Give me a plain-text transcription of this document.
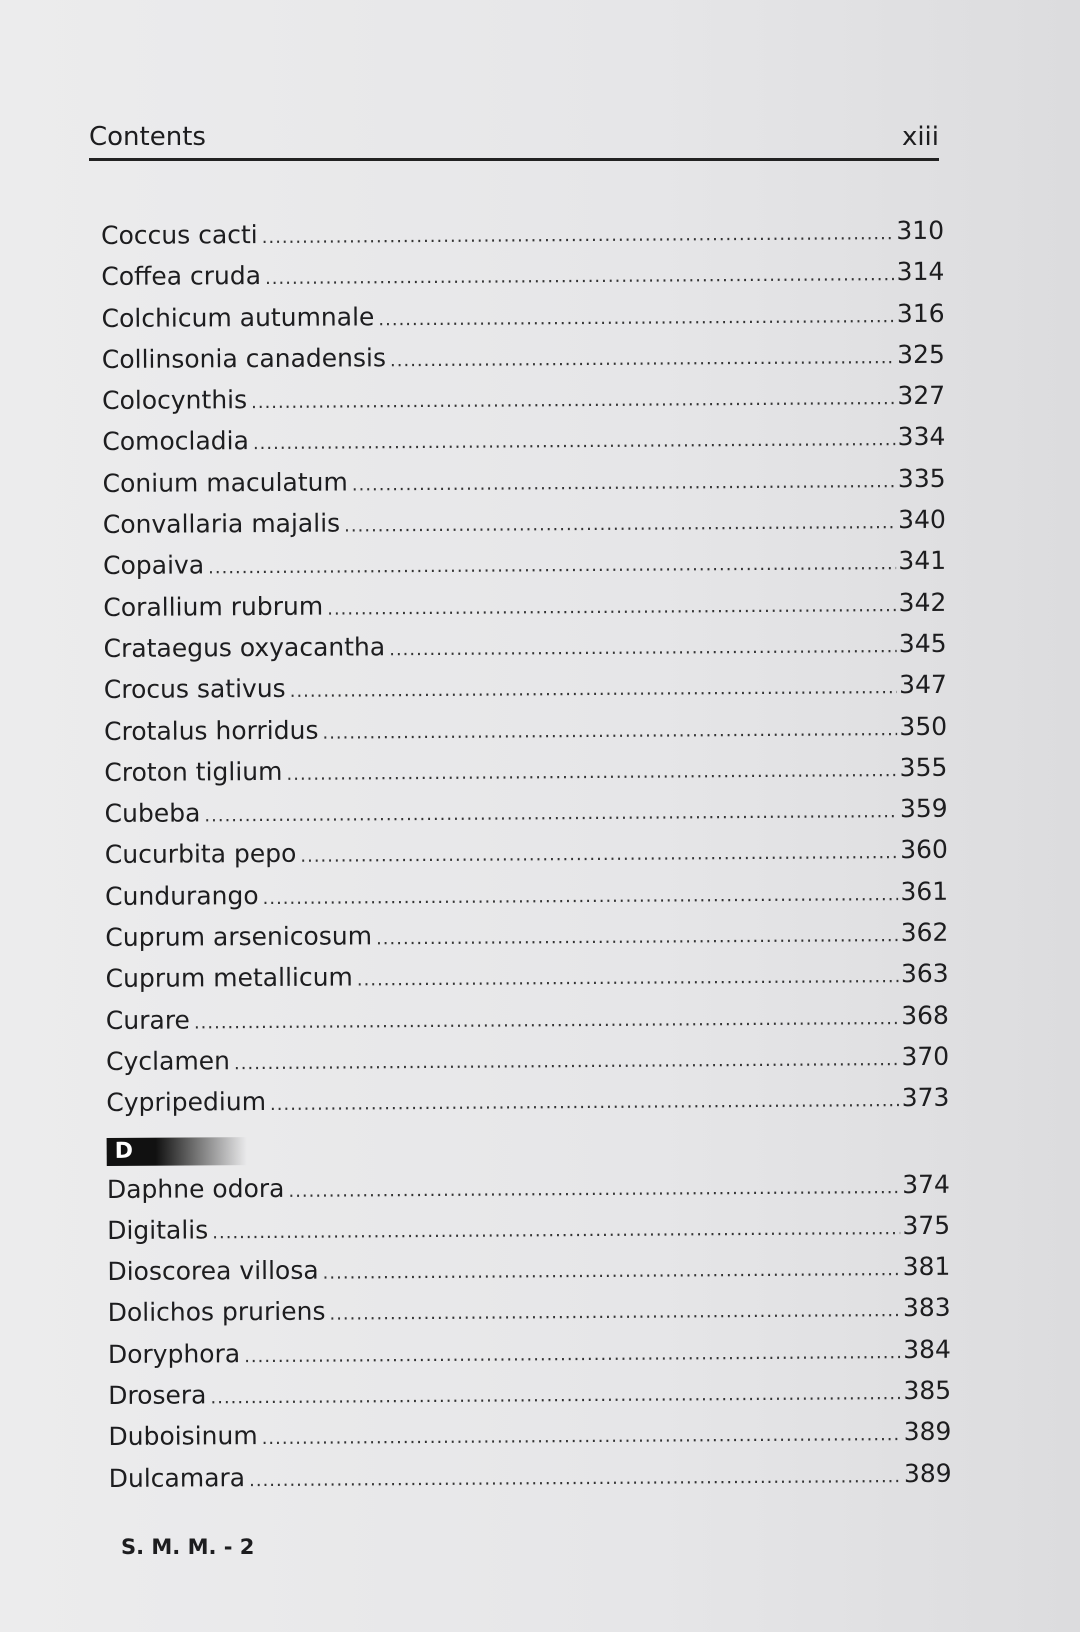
Contents	xiii
Coccus cacti .....	310
Coffea cruda .....	314
Colchicum autumnale .....	316
Collinsonia canadensis .....	325
Colocynthis .....	327
Comocladia .....	334
Conium maculatum .....	335
Convallaria majalis .....	340
Copaiva .....	341
Corallium rubrum .....	342
Crataegus oxyacantha .....	345
Crocus sativus .....	347
Crotalus horridus .....	350
Croton tiglium .....	355
Cubeba .....	359
Cucurbita pepo .....	360
Cundurango .....	361
Cuprum arsenicosum .....	362
Cuprum metallicum .....	363
Curare .....	368
Cyclamen .....	370
Cypripedium .....	373
D
Daphne odora .....	374
Digitalis .....	375
Dioscorea villosa .....	381
Dolichos pruriens .....	383
Doryphora .....	384
Drosera .....	385
Duboisinum .....	389
Dulcamara .....	389
S. M. M. - 2
